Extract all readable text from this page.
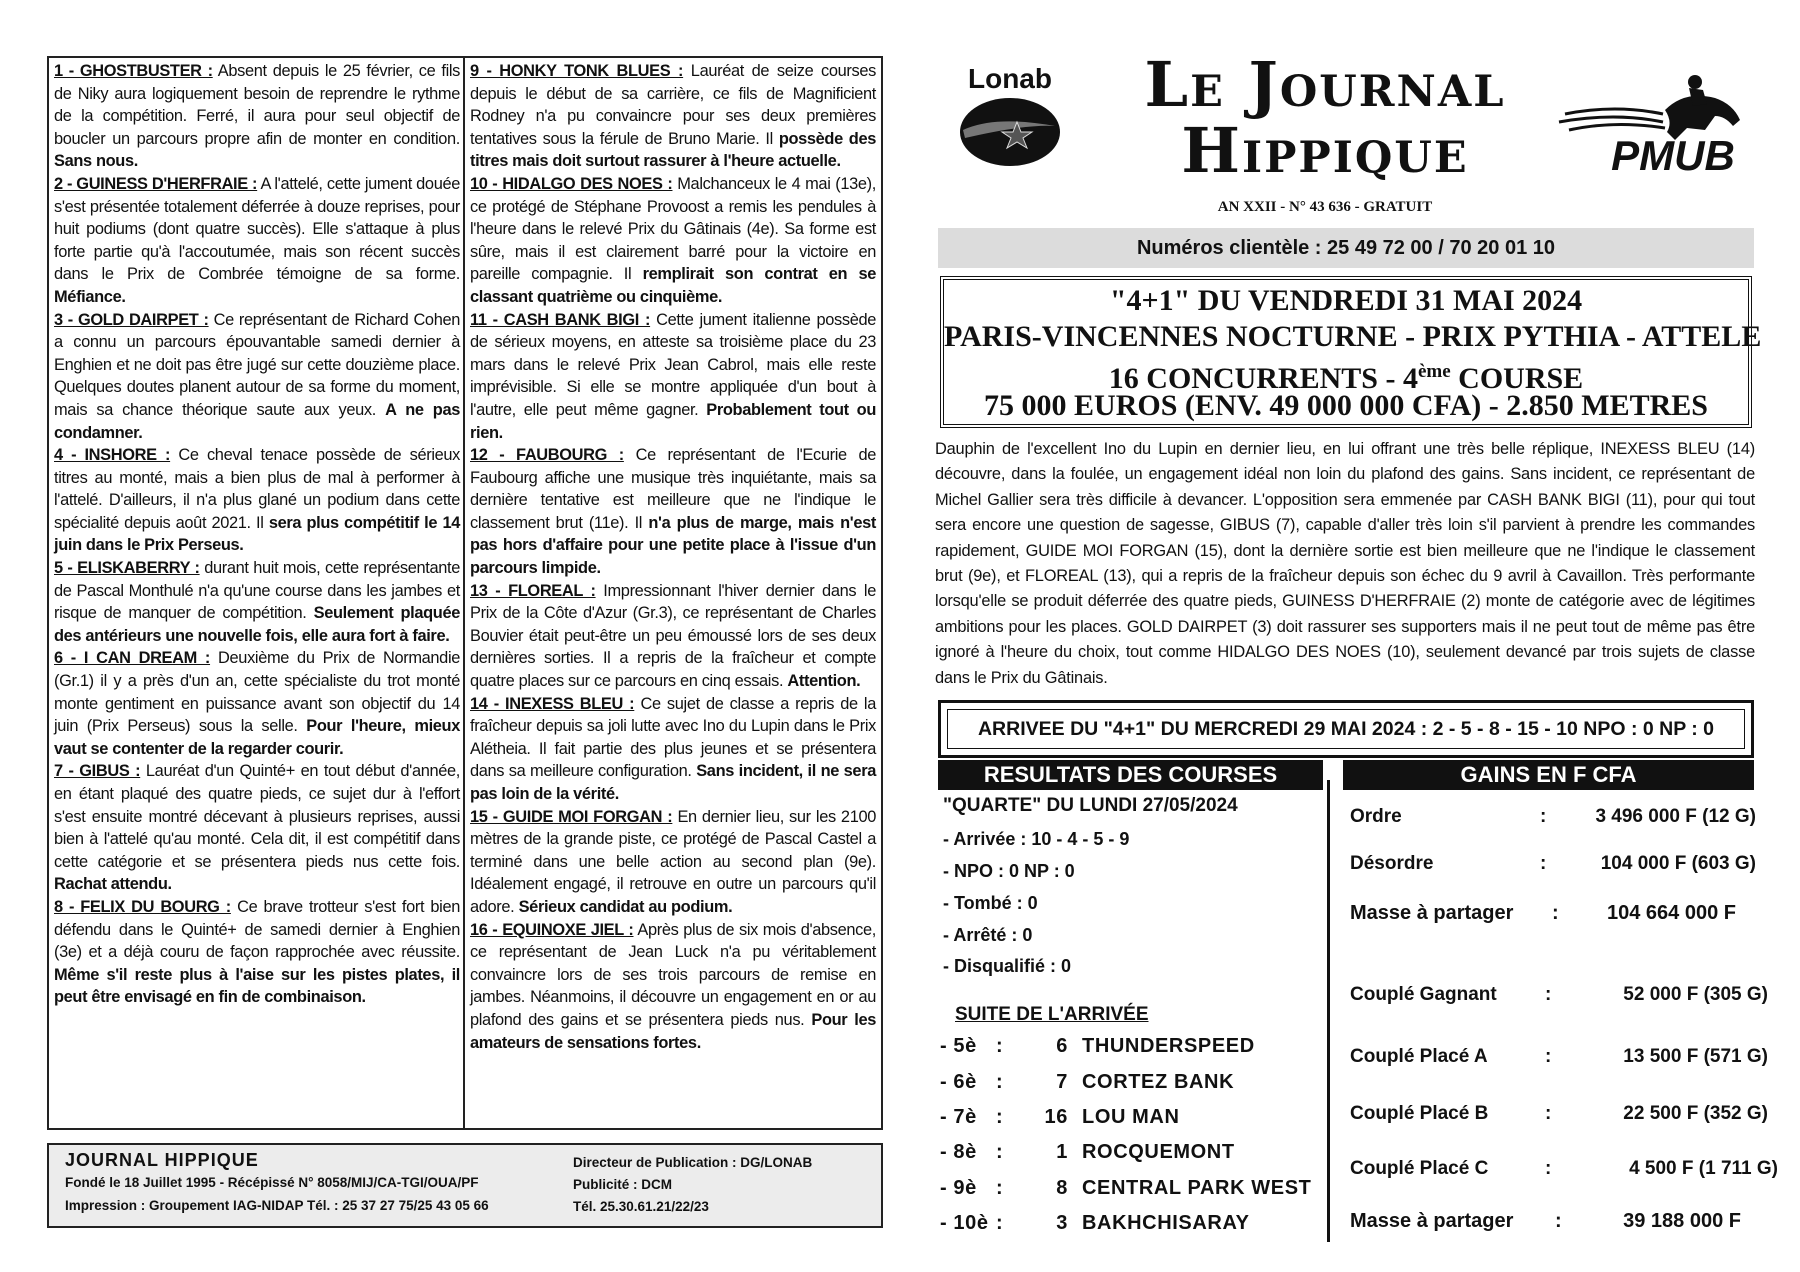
1 - GHOSTBUSTER : Absent depuis le 25 février, ce fils de Niky aura logiquement besoin de reprendre le rythme de la compétition. Ferré, il aura pour seul objectif de boucler un parcours propre afin de monter en condition. Sans nous.

2 - GUINESS D'HERFRAIE : A l'attelé, cette jument douée s'est présentée totalement déferrée à douze reprises, pour huit podiums (dont quatre succès). Elle s'attaque à plus forte partie qu'à l'accoutumée, mais son récent succès dans le Prix de Combrée témoigne de sa forme. Méfiance.

3 - GOLD DAIRPET : Ce représentant de Richard Cohen a connu un parcours épouvantable samedi dernier à Enghien et ne doit pas être jugé sur cette douzième place. Quelques doutes planent autour de sa forme du moment, mais sa chance théorique saute aux yeux. A ne pas condamner.

4 - INSHORE : Ce cheval tenace possède de sérieux titres au monté, mais a bien plus de mal à performer à l'attelé. D'ailleurs, il n'a plus glané un podium dans cette spécialité depuis août 2021. Il sera plus compétitif le 14 juin dans le Prix Perseus.

5 - ELISKABERRY : durant huit mois, cette représentante de Pascal Monthulé n'a qu'une course dans les jambes et risque de manquer de compétition. Seulement plaquée des antérieurs une nouvelle fois, elle aura fort à faire.

6 - I CAN DREAM : Deuxième du Prix de Normandie (Gr.1) il y a près d'un an, cette spécialiste du trot monté monte gentiment en puissance avant son objectif du 14 juin (Prix Perseus) sous la selle. Pour l'heure, mieux vaut se contenter de la regarder courir.

7 - GIBUS : Lauréat d'un Quinté+ en tout début d'année, en étant plaqué des quatre pieds, ce sujet dur à l'effort s'est ensuite montré décevant à plusieurs reprises, aussi bien à l'attelé qu'au monté. Cela dit, il est compétitif dans cette catégorie et se présentera pieds nus cette fois. Rachat attendu.

8 - FELIX DU BOURG : Ce brave trotteur s'est fort bien défendu dans le Quinté+ de samedi dernier à Enghien (3e) et a déjà couru de façon rapprochée avec réussite. Même s'il reste plus à l'aise sur les pistes plates, il peut être envisagé en fin de combinaison.

9 - HONKY TONK BLUES : Lauréat de seize courses depuis le début de sa carrière, ce fils de Magnificient Rodney n'a pu convaincre pour ses deux premières tentatives sous la férule de Bruno Marie. Il possède des titres mais doit surtout rassurer à l'heure actuelle.

10 - HIDALGO DES NOES : Malchanceux le 4 mai (13e), ce protégé de Stéphane Provoost a remis les pendules à l'heure dans le relevé Prix du Gâtinais (4e). Sa forme est sûre, mais il est clairement barré pour la victoire en pareille compagnie. Il remplirait son contrat en se classant quatrième ou cinquième.

11 - CASH BANK BIGI : Cette jument italienne possède de sérieux moyens, en atteste sa troisième place du 23 mars dans le relevé Prix Jean Cabrol, mais elle reste imprévisible. Si elle se montre appliquée d'un bout à l'autre, elle peut même gagner. Probablement tout ou rien.

12 - FAUBOURG : Ce représentant de l'Ecurie de Faubourg affiche une musique très inquiétante, mais sa dernière tentative est meilleure que ne l'indique le classement brut (11e). Il n'a plus de marge, mais n'est pas hors d'affaire pour une petite place à l'issue d'un parcours limpide.

13 - FLOREAL : Impressionnant l'hiver dernier dans le Prix de la Côte d'Azur (Gr.3), ce représentant de Charles Bouvier était peut-être un peu émoussé lors de ses deux dernières sorties. Il a repris de la fraîcheur et compte quatre places sur ce parcours en cinq essais. Attention.

14 - INEXESS BLEU : Ce sujet de classe a repris de la fraîcheur depuis sa joli lutte avec Ino du Lupin dans le Prix Alétheia. Il fait partie des plus jeunes et se présentera dans sa meilleure configuration. Sans incident, il ne sera pas loin de la vérité.

15 - GUIDE MOI FORGAN : En dernier lieu, sur les 2100 mètres de la grande piste, ce protégé de Pascal Castel a terminé dans une belle action au second plan (9e). Idéalement engagé, il retrouve en outre un parcours qu'il adore. Sérieux candidat au podium.

16 - EQUINOXE JIEL : Après plus de six mois d'absence, ce représentant de Jean Luck n'a pu véritablement convaincre lors de ses trois parcours de remise en jambes. Néanmoins, il découvre un engagement en or au plafond des gains et se présentera pieds nus. Pour les amateurs de sensations fortes.

JOURNAL HIPPIQUE
Fondé le 18 Juillet 1995 - Récépissé N° 8058/MIJ/CA-TGI/OUA/PF
Impression : Groupement IAG-NIDAP Tél. : 25 37 27 75/25 43 05 66
Directeur de Publication : DG/LONAB
Publicité : DCM
Tél. 25.30.61.21/22/23
Lonab	Le Journal
Hippique
AN XXII - N° 43 636 - GRATUIT
PMUB
Numéros clientèle : 25 49 72 00 / 70 20 01 10
"4+1" DU VENDREDI 31 MAI 2024
PARIS-VINCENNES NOCTURNE - PRIX PYTHIA - ATTELE
16 CONCURRENTS - 4ème COURSE
75 000 EUROS (ENV. 49 000 000 CFA) - 2.850 METRES
Dauphin de l'excellent Ino du Lupin en dernier lieu, en lui offrant une très belle réplique, INEXESS BLEU (14) découvre, dans la foulée, un engagement idéal non loin du plafond des gains. Sans incident, ce représentant de Michel Gallier sera très difficile à devancer. L'opposition sera emmenée par CASH BANK BIGI (11), pour qui tout sera encore une question de sagesse, GIBUS (7), capable d'aller très loin s'il parvient à prendre les commandes rapidement, GUIDE MOI FORGAN (15), dont la dernière sortie est bien meilleure que ne l'indique le classement brut (9e), et FLOREAL (13), qui a repris de la fraîcheur depuis son échec du 9 avril à Cavaillon. Très performante lorsqu'elle se produit déferrée des quatre pieds, GUINESS D'HERFRAIE (2) monte de catégorie avec de légitimes ambitions pour les places. GOLD DAIRPET (3) doit rassurer ses supporters mais il ne peut tout de même pas être ignoré à l'heure du choix, tout comme HIDALGO DES NOES (10), seulement devancé par trois sujets de classe dans le Prix du Gâtinais.
ARRIVEE DU "4+1" DU MERCREDI 29 MAI 2024 : 2 - 5 - 8 - 15 - 10 NPO : 0 NP : 0
RESULTATS DES COURSES	GAINS EN F CFA
"QUARTE" DU LUNDI 27/05/2024
- Arrivée : 10 - 4 - 5 - 9
- NPO : 0 NP : 0
- Tombé : 0
- Arrêté : 0
- Disqualifié : 0
SUITE DE L'ARRIVÉE
- 5è :	6 THUNDERSPEED
- 6è :	7 CORTEZ BANK
- 7è : 16 LOU MAN
- 8è :	1 ROCQUEMONT
- 9è :	8 CENTRAL PARK WEST
- 10è :	3 BAKHCHISARAY
Ordre	:	3 496 000 F (12 G)
Désordre	:	104 000 F (603 G)
Masse à partager : 104 664 000 F
Couplé Gagnant	:	52 000 F (305 G)
Couplé Placé A	:	13 500 F (571 G)
Couplé Placé B	:	22 500 F (352 G)
Couplé Placé C	:	4 500 F (1 711 G)
Masse à partager :	39 188 000 F
